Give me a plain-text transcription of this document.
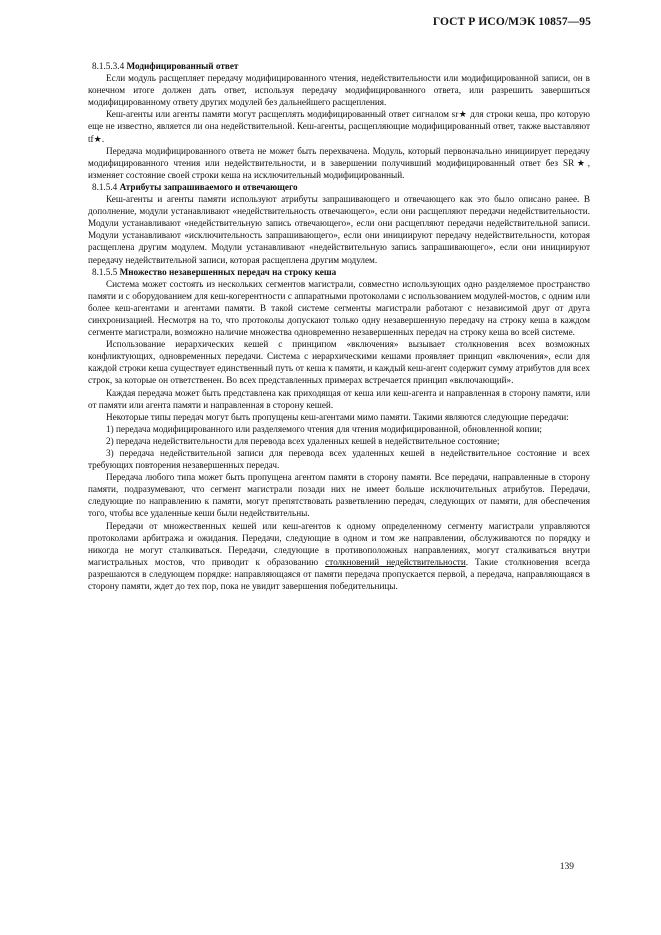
ГОСТ Р ИСО/МЭК 10857—95

8.1.5.3.4 Модифицированный ответ

Если модуль расщепляет передачу модифицированного чтения, недействительности или модифицированной записи, он в конечном итоге должен дать ответ, используя передачу модифицированного ответа, или разрешить завершиться модифицированному ответу других модулей без дальнейшего расщепления.

Кеш-агенты или агенты памяти могут расщеплять модифицированный ответ сигналом sr★ для строки кеша, про которую еще не известно, является ли она недействительной. Кеш-агенты, расщепляющие модифицированный ответ, также выставляют tf★.

Передача модифицированного ответа не может быть перехвачена. Модуль, который первоначально инициирует передачу модифицированного чтения или недействительности, и в завершении получивший модифицированный ответ без SR★, изменяет состояние своей строки кеша на исключительный модифицированный.

8.1.5.4 Атрибуты запрашиваемого и отвечающего

Кеш-агенты и агенты памяти используют атрибуты запрашивающего и отвечающего как это было описано ранее. В дополнение, модули устанавливают «недействительность отвечающего», если они расщепляют передачи недействительности. Модули устанавливают «недействительную запись отвечающего», если они расщепляют передачи недействительной записи. Модули устанавливают «исключительность запрашивающего», если они инициируют передачу недействительности, которая расщеплена другим модулем. Модули устанавливают «недействительную запись запрашивающего», если они инициируют передачу недействительной записи, которая расщеплена другим модулем.

8.1.5.5 Множество незавершенных передач на строку кеша

Система может состоять из нескольких сегментов магистрали, совместно использующих одно разделяемое пространство памяти и с оборудованием для кеш-когерентности с аппаратными протоколами с использованием модулей-мостов, с одним или более кеш-агентами и агентами памяти. В такой системе сегменты магистрали работают с независимой друг от друга синхронизацией. Несмотря на то, что протоколы допускают только одну незавершенную передачу на строку кеша в каждом сегменте магистрали, возможно наличие множества одновременно незавершенных передач на строку кеша во всей системе.

Использование иерархических кешей с принципом «включения» вызывает столкновения всех возможных конфликтующих, одновременных передачи. Система с иерархическими кешами проявляет принцип «включения», если для каждой строки кеша существует единственный путь от кеша к памяти, и каждый кеш-агент содержит сумму атрибутов для всех строк, за которые он ответственен. Во всех представленных примерах встречается принцип «включающий».

Каждая передача может быть представлена как приходящая от кеша или кеш-агента и направленная в сторону памяти, или от памяти или агента памяти и направленная в сторону кешей.

Некоторые типы передач могут быть пропущены кеш-агентами мимо памяти. Такими являются следующие передачи:

1) передача модифицированного или разделяемого чтения для чтения модифицированной, обновленной копии;

2) передача недействительности для перевода всех удаленных кешей в недействительное состояние;

3) передача недействительной записи для перевода всех удаленных кешей в недействительное состояние и всех требующих повторения незавершенных передач.

Передача любого типа может быть пропущена агентом памяти в сторону памяти. Все передачи, направленные в сторону памяти, подразумевают, что сегмент магистрали позади них не имеет больше исключительных атрибутов. Передачи, следующие по направлению к памяти, могут препятствовать разветвлению передач, следующих от памяти, для обеспечения того, чтобы все удаленные кеши были недействительны.

Передачи от множественных кешей или кеш-агентов к одному определенному сегменту магистрали управляются протоколами арбитража и ожидания. Передачи, следующие в одном и том же направлении, обслуживаются по порядку и никогда не могут сталкиваться. Передачи, следующие в противоположных направлениях, могут сталкиваться внутри магистральных мостов, что приводит к образованию столкновений недействительности. Такие столкновения всегда разрешаются в следующем порядке: направляющаяся от памяти передача пропускается первой, а передача, направляющаяся в сторону памяти, ждет до тех пор, пока не увидит завершения победительницы.

139
